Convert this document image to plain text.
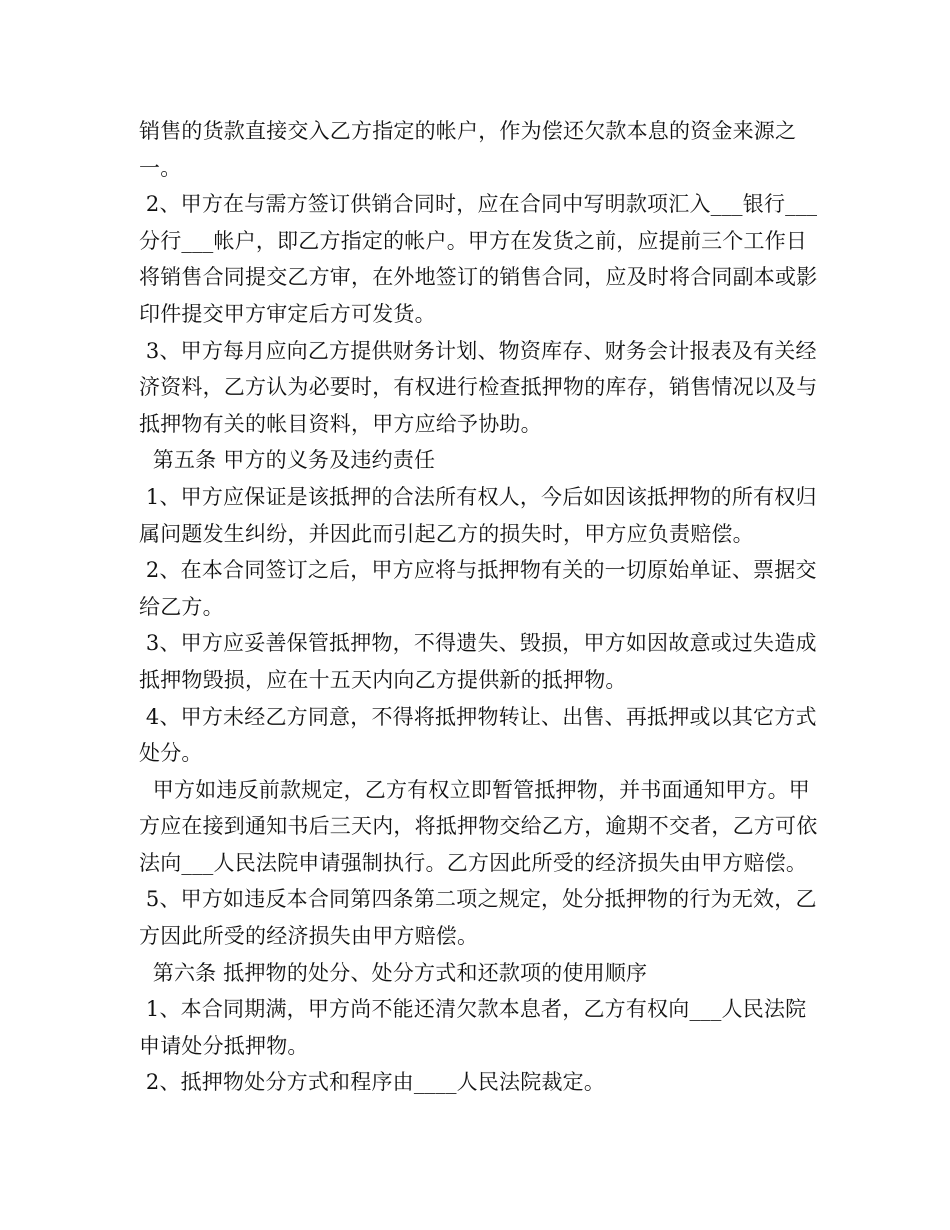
销售的货款直接交入乙方指定的帐户，作为偿还欠款本息的资金来源之一。

2、甲方在与需方签订供销合同时，应在合同中写明款项汇入___银行___分行___帐户，即乙方指定的帐户。甲方在发货之前，应提前三个工作日将销售合同提交乙方审，在外地签订的销售合同，应及时将合同副本或影印件提交甲方审定后方可发货。

3、甲方每月应向乙方提供财务计划、物资库存、财务会计报表及有关经济资料，乙方认为必要时，有权进行检查抵押物的库存，销售情况以及与抵押物有关的帐目资料，甲方应给予协助。

第五条 甲方的义务及违约责任

1、甲方应保证是该抵押的合法所有权人，今后如因该抵押物的所有权归属问题发生纠纷，并因此而引起乙方的损失时，甲方应负责赔偿。

2、在本合同签订之后，甲方应将与抵押物有关的一切原始单证、票据交给乙方。

3、甲方应妥善保管抵押物，不得遗失、毁损，甲方如因故意或过失造成抵押物毁损，应在十五天内向乙方提供新的抵押物。

4、甲方未经乙方同意，不得将抵押物转让、出售、再抵押或以其它方式处分。

甲方如违反前款规定，乙方有权立即暂管抵押物，并书面通知甲方。甲方应在接到通知书后三天内，将抵押物交给乙方，逾期不交者，乙方可依法向___人民法院申请强制执行。乙方因此所受的经济损失由甲方赔偿。

5、甲方如违反本合同第四条第二项之规定，处分抵押物的行为无效，乙方因此所受的经济损失由甲方赔偿。

第六条 抵押物的处分、处分方式和还款项的使用顺序

1、本合同期满，甲方尚不能还清欠款本息者，乙方有权向___人民法院申请处分抵押物。

2、抵押物处分方式和程序由____人民法院裁定。
